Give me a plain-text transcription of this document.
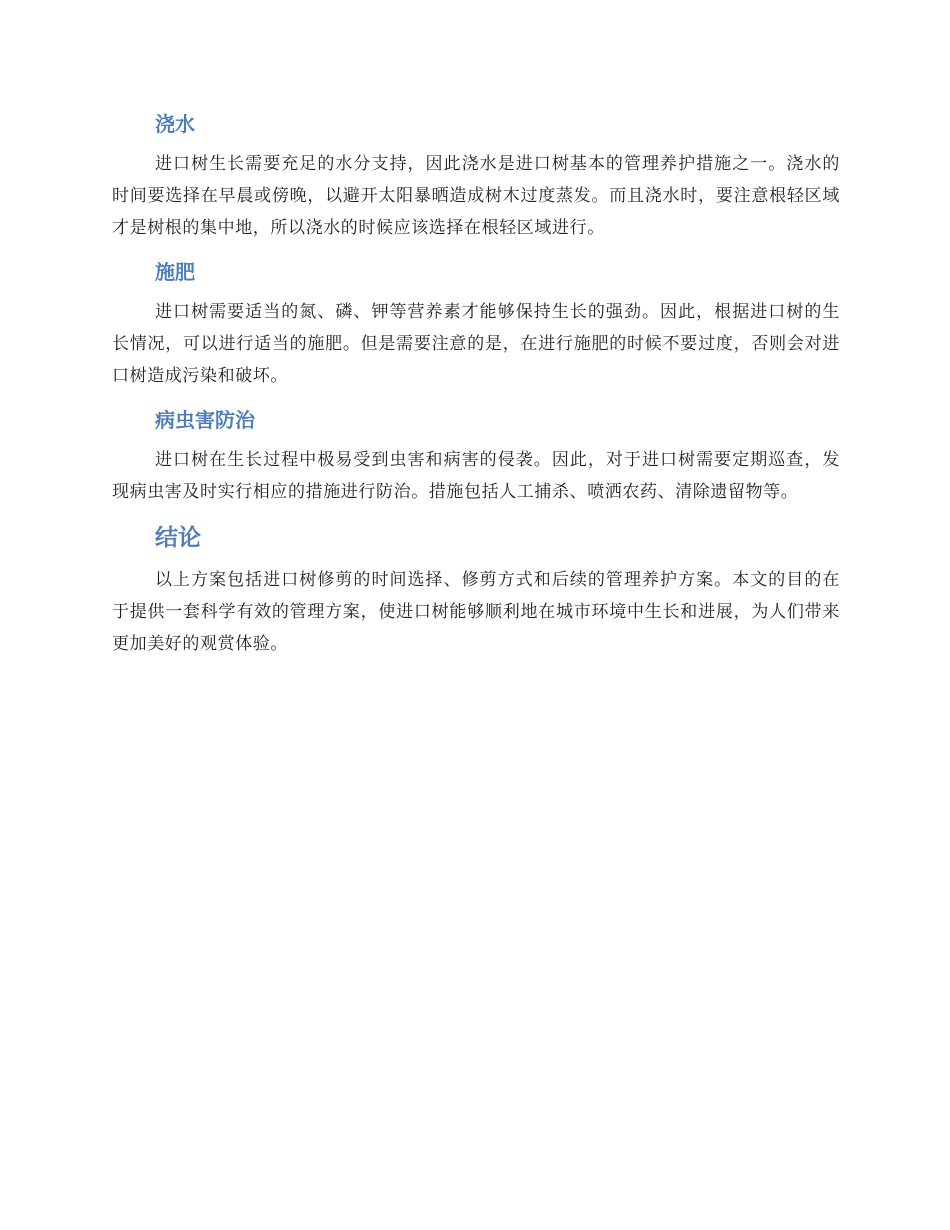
浇水

进口树生长需要充足的水分支持，因此浇水是进口树基本的管理养护措施之一。浇水的时间要选择在早晨或傍晚，以避开太阳暴晒造成树木过度蒸发。而且浇水时，要注意根轻区域才是树根的集中地，所以浇水的时候应该选择在根轻区域进行。

施肥

进口树需要适当的氮、磷、钾等营养素才能够保持生长的强劲。因此，根据进口树的生长情况，可以进行适当的施肥。但是需要注意的是，在进行施肥的时候不要过度，否则会对进口树造成污染和破坏。

病虫害防治

进口树在生长过程中极易受到虫害和病害的侵袭。因此，对于进口树需要定期巡查，发现病虫害及时实行相应的措施进行防治。措施包括人工捕杀、喷洒农药、清除遗留物等。

结论

以上方案包括进口树修剪的时间选择、修剪方式和后续的管理养护方案。本文的目的在于提供一套科学有效的管理方案，使进口树能够顺利地在城市环境中生长和进展，为人们带来更加美好的观赏体验。
